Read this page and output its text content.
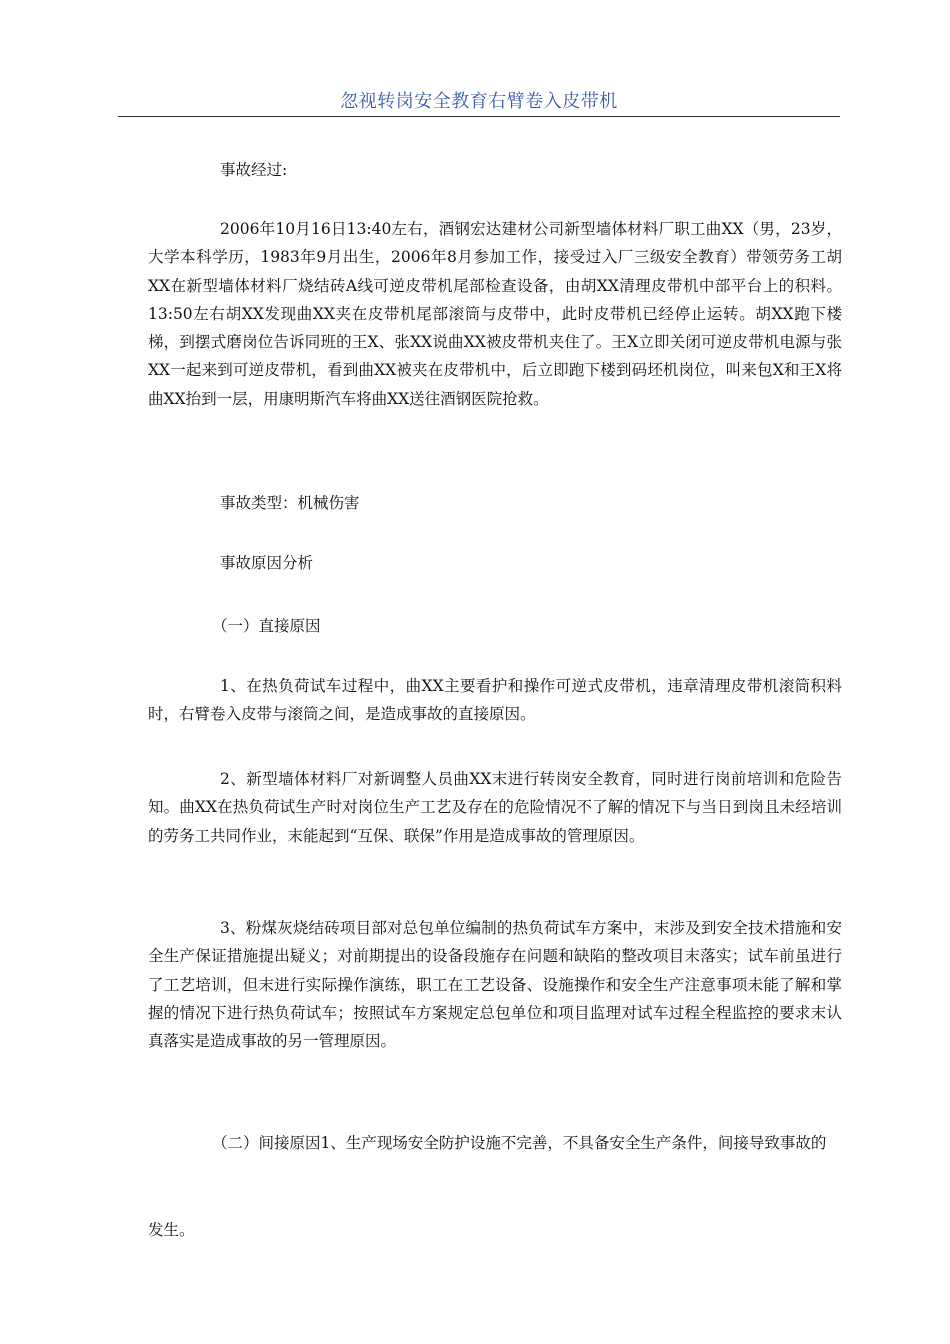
忽视转岗安全教育右臂卷入皮带机

事故经过:

2006年10月16日13:40左右，酒钢宏达建材公司新型墙体材料厂职工曲XX（男，23岁，大学本科学历，1983年9月出生，2006年8月参加工作，接受过入厂三级安全教育）带领劳务工胡XX在新型墙体材料厂烧结砖A线可逆皮带机尾部检查设备，由胡XX清理皮带机中部平台上的积料。13:50左右胡XX发现曲XX夹在皮带机尾部滚筒与皮带中，此时皮带机已经停止运转。胡XX跑下楼梯，到摆式磨岗位告诉同班的王X、张XX说曲XX被皮带机夹住了。王X立即关闭可逆皮带机电源与张XX一起来到可逆皮带机，看到曲XX被夹在皮带机中，后立即跑下楼到码坯机岗位，叫来包X和王X将曲XX抬到一层，用康明斯汽车将曲XX送往酒钢医院抢救。

事故类型：机械伤害

事故原因分析

（一）直接原因

1、在热负荷试车过程中，曲XX主要看护和操作可逆式皮带机，违章清理皮带机滚筒积料时，右臂卷入皮带与滚筒之间，是造成事故的直接原因。

2、新型墙体材料厂对新调整人员曲XX末进行转岗安全教育，同时进行岗前培训和危险告知。曲XX在热负荷试生产时对岗位生产工艺及存在的危险情况不了解的情况下与当日到岗且未经培训的劳务工共同作业，末能起到“互保、联保”作用是造成事故的管理原因。

3、粉煤灰烧结砖项目部对总包单位编制的热负荷试车方案中，末涉及到安全技术措施和安全生产保证措施提出疑义；对前期提出的设备段施存在问题和缺陷的整改项目末落实；试车前虽进行了工艺培训，但末进行实际操作演练，职工在工艺设备、设施操作和安全生产注意事项未能了解和掌握的情况下进行热负荷试车；按照试车方案规定总包单位和项目监理对试车过程全程监控的要求末认真落实是造成事故的另一管理原因。

（二）间接原因1、生产现场安全防护设施不完善，不具备安全生产条件，间接导致事故的

发生。
